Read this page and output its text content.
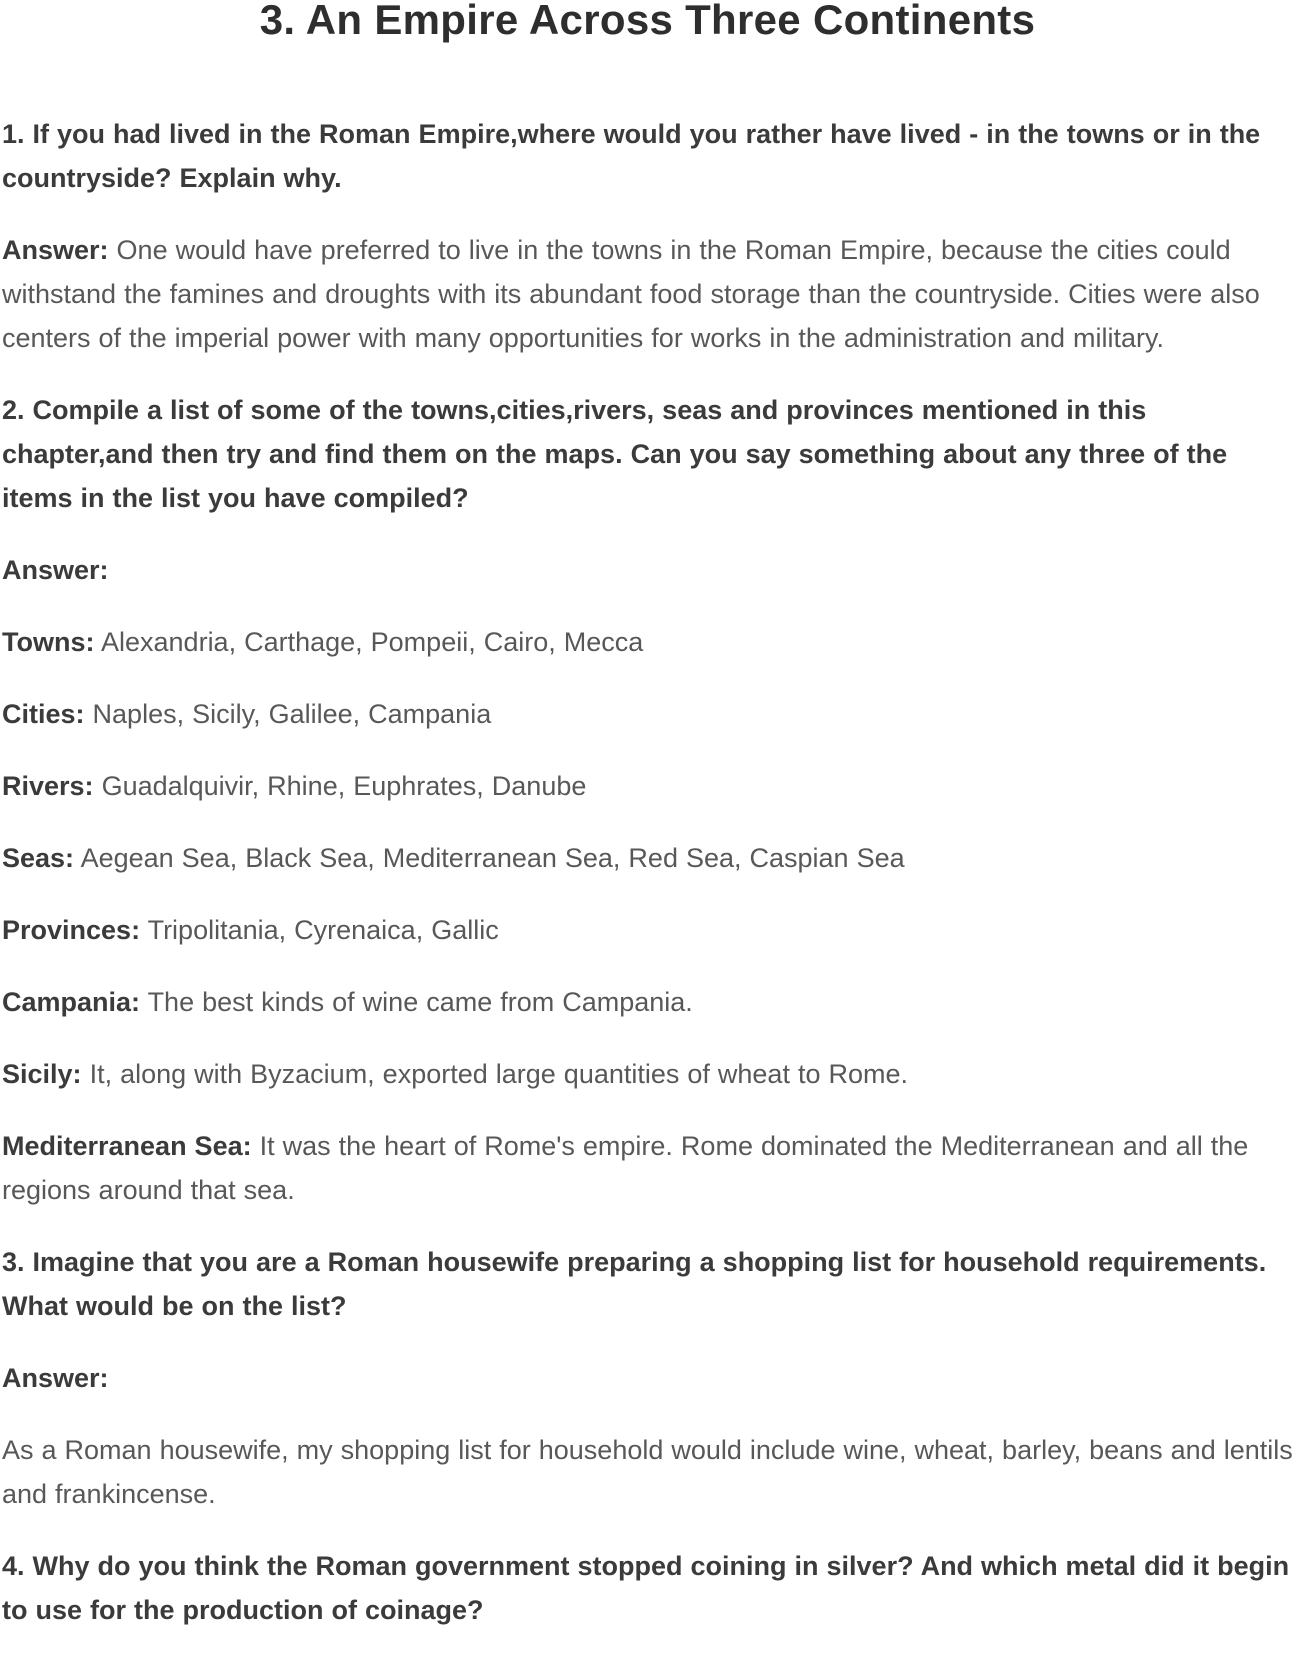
3. An Empire Across Three Continents

1. If you had lived in the Roman Empire,where would you rather have lived - in the towns or in the countryside? Explain why.

Answer: One would have preferred to live in the towns in the Roman Empire, because the cities could withstand the famines and droughts with its abundant food storage than the countryside. Cities were also centers of the imperial power with many opportunities for works in the administration and military.

2. Compile a list of some of the towns,cities,rivers, seas and provinces mentioned in this chapter,and then try and find them on the maps. Can you say something about any three of the items in the list you have compiled?

Answer:

Towns: Alexandria, Carthage, Pompeii, Cairo, Mecca

Cities: Naples, Sicily, Galilee, Campania

Rivers: Guadalquivir, Rhine, Euphrates, Danube

Seas: Aegean Sea, Black Sea, Mediterranean Sea, Red Sea, Caspian Sea

Provinces: Tripolitania, Cyrenaica, Gallic

Campania: The best kinds of wine came from Campania.

Sicily: It, along with Byzacium, exported large quantities of wheat to Rome.

Mediterranean Sea: It was the heart of Rome's empire. Rome dominated the Mediterranean and all the regions around that sea.

3. Imagine that you are a Roman housewife preparing a shopping list for household requirements. What would be on the list?

Answer:

As a Roman housewife, my shopping list for household would include wine, wheat, barley, beans and lentils and frankincense.

4. Why do you think the Roman government stopped coining in silver? And which metal did it begin to use for the production of coinage?
